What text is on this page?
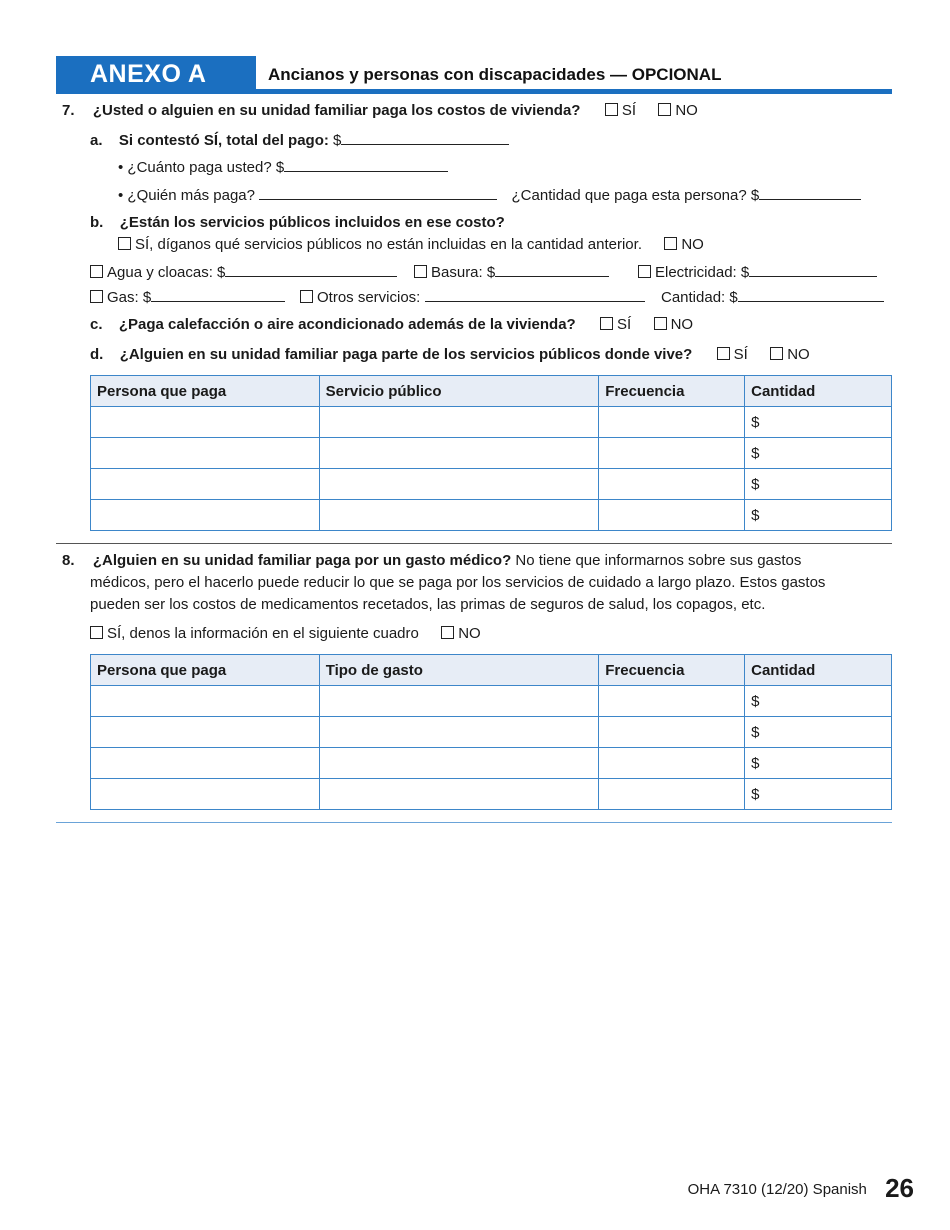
ANEXO A	Ancianos y personas con discapacidades — OPCIONAL
7. ¿Usted o alguien en su unidad familiar paga los costos de vivienda?	SÍ	NO
a. Si contestó SÍ, total del pago: $
• ¿Cuánto paga usted? $
• ¿Quién más paga?	¿Cantidad que paga esta persona? $
b. ¿Están los servicios públicos incluidos en ese costo?
SÍ, díganos qué servicios públicos no están incluidas en la cantidad anterior.	NO
Agua y cloacas: $	Basura: $	Electricidad: $
Gas: $	Otros servicios:	Cantidad: $
c. ¿Paga calefacción o aire acondicionado además de la vivienda?	SÍ	NO
d. ¿Alguien en su unidad familiar paga parte de los servicios públicos donde vive?	SÍ	NO
Persona que paga	Servicio público	Frecuencia	Cantidad
			$
			$
			$
			$
8. ¿Alguien en su unidad familiar paga por un gasto médico? No tiene que informarnos sobre sus gastos
médicos, pero el hacerlo puede reducir lo que se paga por los servicios de cuidado a largo plazo. Estos gastos
pueden ser los costos de medicamentos recetados, las primas de seguros de salud, los copagos, etc.
SÍ, denos la información en el siguiente cuadro	NO
Persona que paga	Tipo de gasto	Frecuencia	Cantidad
			$
			$
			$
			$
OHA 7310 (12/20) Spanish 26
